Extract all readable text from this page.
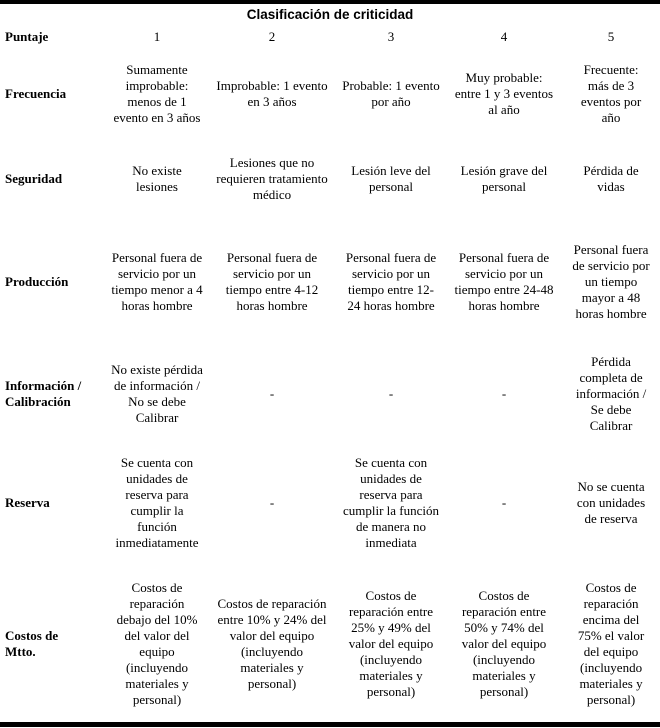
Clasificación de criticidad					
Puntaje	1	2	3	4	5
Frecuencia	Sumamente improbable: menos de 1 evento en 3 años	Improbable: 1 evento en 3 años	Probable: 1 evento por año	Muy probable: entre 1 y 3 eventos al año	Frecuente: más de 3 eventos por año
Seguridad	No existe lesiones	Lesiones que no requieren tratamiento médico	Lesión leve del personal	Lesión grave del personal	Pérdida de vidas
Producción	Personal fuera de servicio por un tiempo menor a 4 horas hombre	Personal fuera de servicio por un tiempo entre 4-12 horas hombre	Personal fuera de servicio por un tiempo entre 12-24 horas hombre	Personal fuera de servicio por un tiempo entre 24-48 horas hombre	Personal fuera de servicio por un tiempo mayor a 48 horas hombre
Información / Calibración	No existe pérdida de información / No se debe Calibrar	-	-	-	Pérdida completa de información / Se debe Calibrar
Reserva	Se cuenta con unidades de reserva para cumplir la función inmediatamente	-	Se cuenta con unidades de reserva para cumplir la función de manera no inmediata	-	No se cuenta con unidades de reserva
Costos de Mtto.	Costos de reparación debajo del 10% del valor del equipo (incluyendo materiales y personal)	Costos de reparación entre 10% y 24% del valor del equipo (incluyendo materiales y personal)	Costos de reparación entre 25% y 49% del valor del equipo (incluyendo materiales y personal)	Costos de reparación entre 50% y 74% del valor del equipo (incluyendo materiales y personal)	Costos de reparación encima del 75% el valor del equipo (incluyendo materiales y personal)
